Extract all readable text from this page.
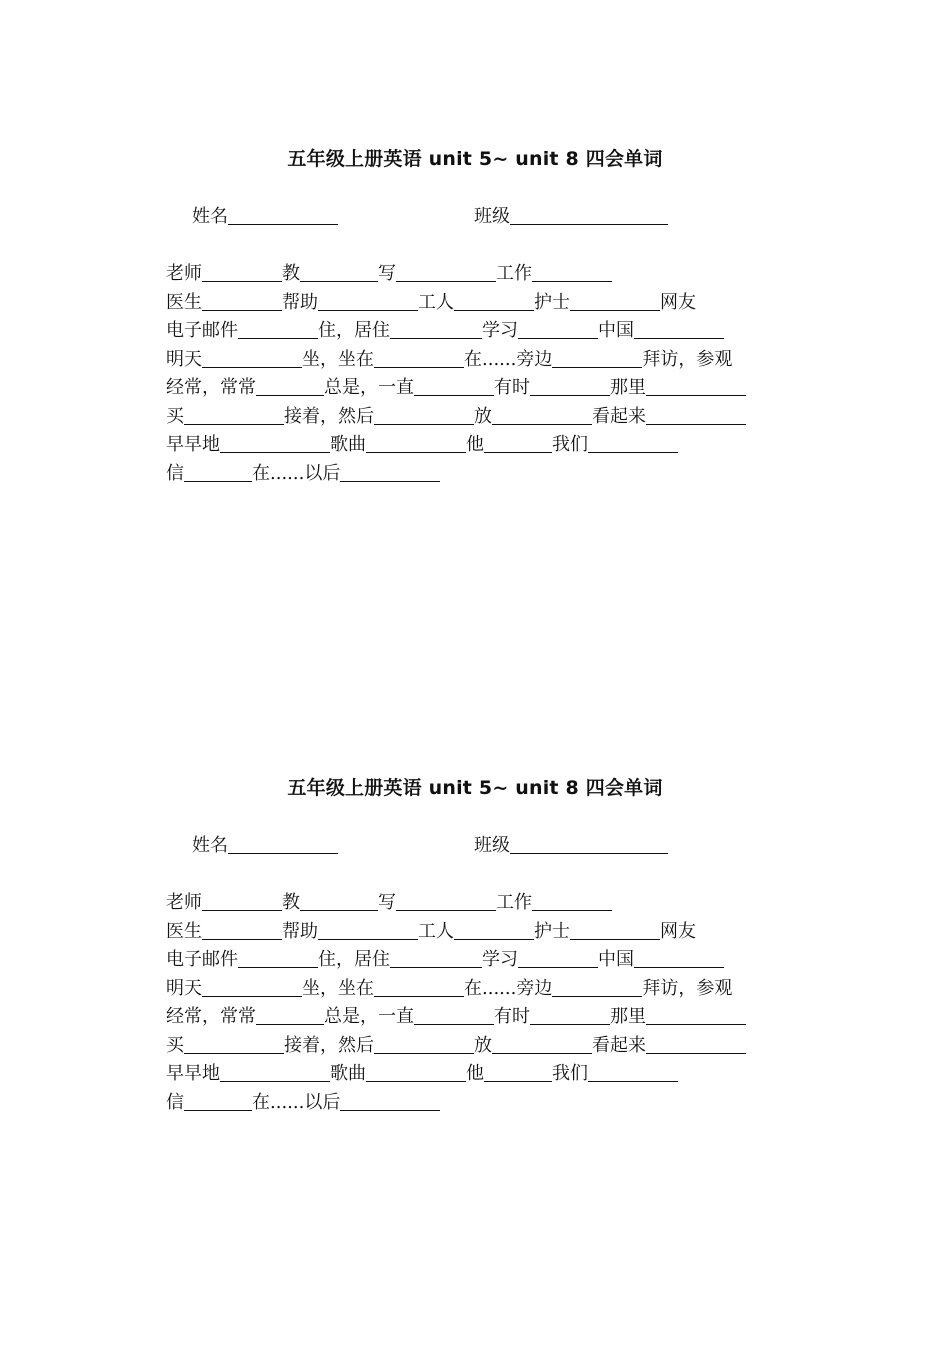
五年级上册英语 unit 5~ unit 8 四会单词
姓名	班级
老师	教	写	工作
医生	帮助	工人	护士	网友
电子邮件	住，居住	学习	中国
明天	坐，坐在	在......旁边	拜访，参观
经常，常常	总是，一直	有时	那里
买	接着，然后	放	看起来
早早地	歌曲	他	我们
信	在......以后
五年级上册英语 unit 5~ unit 8 四会单词
姓名	班级
老师	教	写	工作
医生	帮助	工人	护士	网友
电子邮件	住，居住	学习	中国
明天	坐，坐在	在......旁边	拜访，参观
经常，常常	总是，一直	有时	那里
买	接着，然后	放	看起来
早早地	歌曲	他	我们
信	在......以后
